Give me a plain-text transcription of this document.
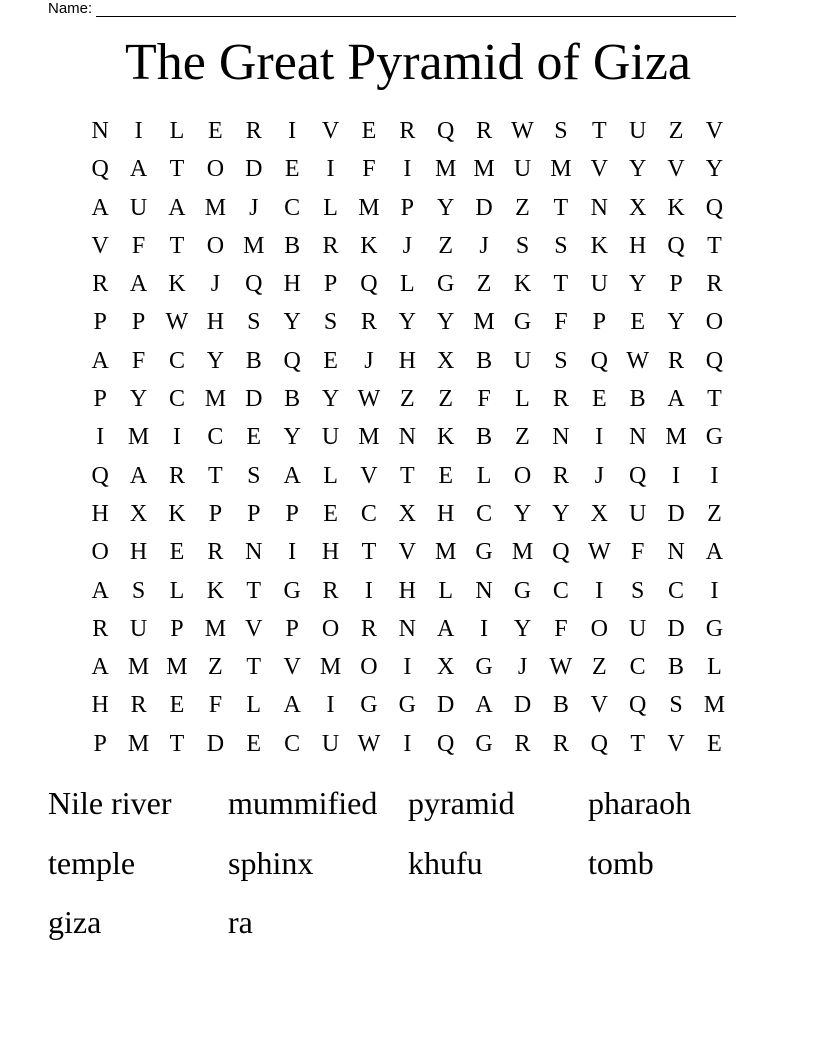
Name:
The Great Pyramid of Giza
N	I	L E R	I	V E R Q R W S	T U Z V
Q A T O D E	I	F	I M M U M V Y V Y
A U A M J	C L M P Y D Z T N X K Q
V F	T O M B R K	J	Z	J	S	S K H Q T
R A K	J	Q H P Q L G Z K T U Y P R
P	P W H S Y S R Y Y M G F	P	E Y O
A F C Y B Q E	J	H X B U S Q W R Q
P Y C M D B Y W Z Z	F	L R E B A T
I M I	C E Y U M N K B Z N	I	N M G
Q A R T	S A L V T E L O R	J	Q	I	I
H X K P	P	P	E C X H C Y Y X U D Z
O H E R N	I	H T V M G M Q W F N A
A S	L K T G R	I	H L N G C	I	S C	I
R U P M V P O R N A	I	Y F O U D G
A M M Z T V M O	I	X G	J W Z C B L
H R E	F	L A	I	G G D A D B V Q S M
P M T D E C U W I	Q G R R Q T V E
Nile river	mummified pyramid	pharaoh
temple	sphinx	khufu	tomb
giza	ra
